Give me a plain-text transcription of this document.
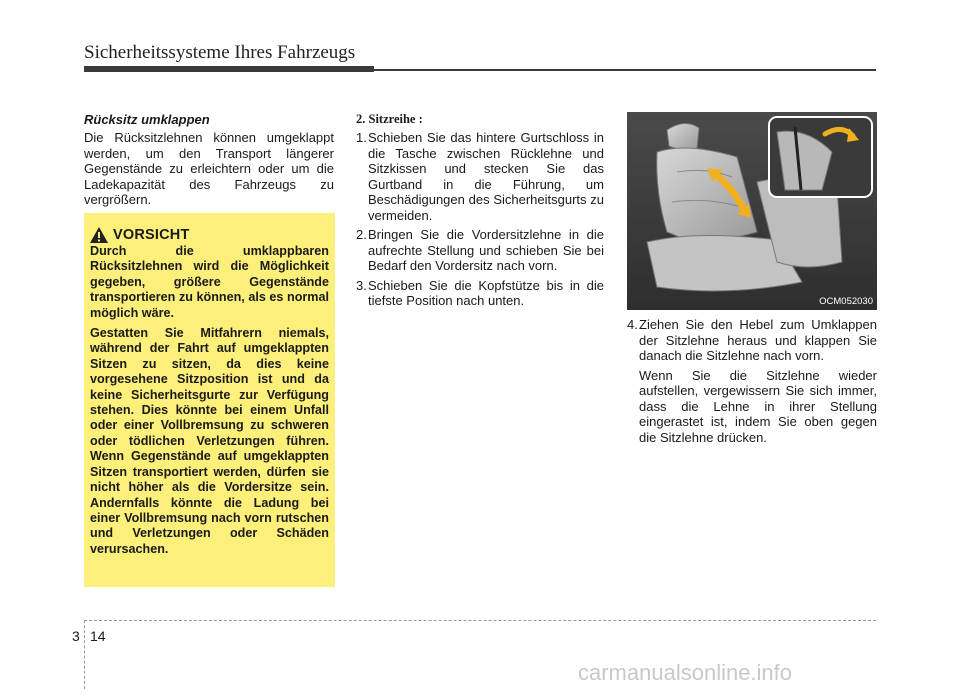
Sicherheitssysteme Ihres Fahrzeugs

Rücksitz umklappen

Die Rücksitzlehnen können umgeklappt werden, um den Transport längerer Gegenstände zu erleichtern oder um die Ladekapazität des Fahrzeugs zu vergrößern.

VORSICHT

Durch die umklappbaren Rücksitzlehnen wird die Möglichkeit gegeben, größere Gegenstände transportieren zu können, als es normal möglich wäre.

Gestatten Sie Mitfahrern niemals, während der Fahrt auf umgeklappten Sitzen zu sitzen, da dies keine vorgesehene Sitzposition ist und da keine Sicherheitsgurte zur Verfügung stehen. Dies könnte bei einem Unfall oder einer Vollbremsung zu schweren oder tödlichen Verletzungen führen. Wenn Gegenstände auf umgeklappten Sitzen transportiert werden, dürfen sie nicht höher als die Vordersitze sein. Andernfalls könnte die Ladung bei einer Vollbremsung nach vorn rutschen und Verletzungen oder Schäden verursachen.

2. Sitzreihe :

1. Schieben Sie das hintere Gurtschloss in die Tasche zwischen Rücklehne und Sitzkissen und stecken Sie das Gurtband in die Führung, um Beschädigungen des Sicherheitsgurts zu vermeiden.
2. Bringen Sie die Vordersitzlehne in die aufrechte Stellung und schieben Sie bei Bedarf den Vordersitz nach vorn.
3. Schieben Sie die Kopfstütze bis in die tiefste Position nach unten.	OCM052030
4. Ziehen Sie den Hebel zum Umklappen der Sitzlehne heraus und klappen Sie danach die Sitzlehne nach vorn.

Wenn Sie die Sitzlehne wieder aufstellen, vergewissern Sie sich immer, dass die Lehne in ihrer Stellung eingerastet ist, indem Sie oben gegen die Sitzlehne drücken.

3 14
carmanualsonline.info
